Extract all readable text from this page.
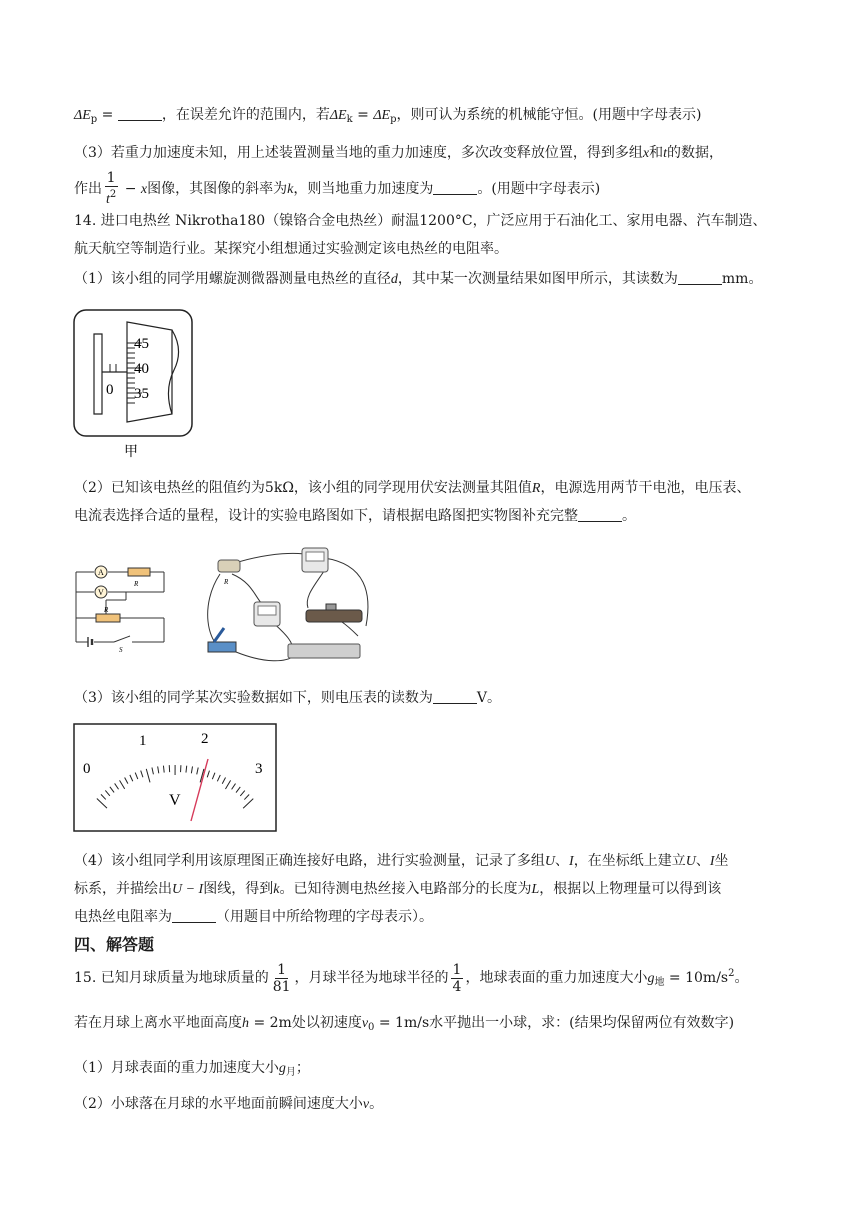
$\Delta E_p$ =	，在误差允许的范围内，若$\Delta E_k = \Delta E_p$，则可认为系统的机械能守恒。(用题中字母表示)
（3）若重力加速度未知，用上述装置测量当地的重力加速度，多次改变释放位置，得到多组x和t的数据，
作出 $\frac{1}{t^2} - x$图像，其图像的斜率为k，则当地重力加速度为	。(用题中字母表示)
14. 进口电热丝 Nikrotha180（镍铬合金电热丝）耐温1200°C，广泛应用于石油化工、家用电器、汽车制造、
航天航空等制造行业。某探究小组想通过实验测定该电热丝的电阻率。
（1）该小组的同学用螺旋测微器测量电热丝的直径d，其中某一次测量结果如图甲所示，其读数为	mm。
45
40
35
0
甲
（2）已知该电热丝的阻值约为5kΩ，该小组的同学现用伏安法测量其阻值R，电源选用两节干电池，电压表、
电流表选择合适的量程，设计的实验电路图如下，请根据电路图把实物图补充完整	。
A
V
R
R
S
R
（3）该小组的同学某次实验数据如下，则电压表的读数为	V。
0
1	2
3
V
（4）该小组同学利用该原理图正确连接好电路，进行实验测量，记录了多组U、I，在坐标纸上建立U、I坐
标系，并描绘出U − I图线，得到k。已知待测电热丝接入电路部分的长度为L，根据以上物理量可以得到该
电热丝电阻率为	（用题目中所给物理的字母表示）。
四、解答题
15. 已知月球质量为地球质量的 $\frac{1}{81}$ ，月球半径为地球半径的 $\frac{1}{4}$ ，地球表面的重力加速度大小$g_地 = 10m/s^2$。
若在月球上离水平地面高度h = 2m处以初速度$v_0 = 1m/s$水平抛出一小球，求：(结果均保留两位有效数字)
（1）月球表面的重力加速度大小$g_月$；
（2）小球落在月球的水平地面前瞬间速度大小v。
